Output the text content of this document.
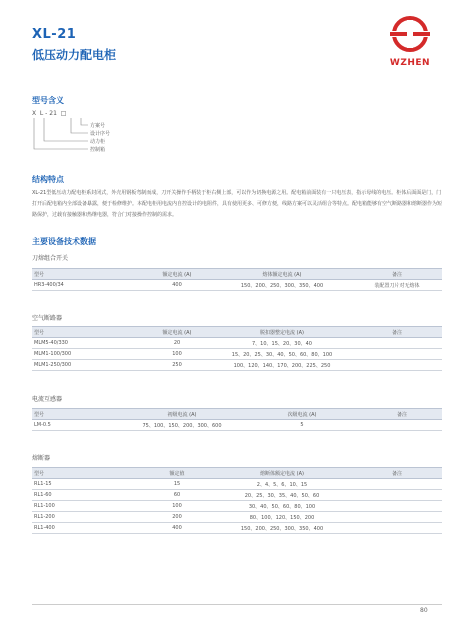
XL-21
低压动力配电柜
WZHEN
型号含义
X  L - 21  □
方案号
设计序号
动力柜
控制箱
结构特点
XL-21型低压动力配电柜系封闭式，外壳用钢板弯制而成，刀开关操作手柄装于柜右侧上部，可以作为切换电源之用。配电箱前面装有一只电压表，指示母线的电压。柜体后面面是门，门打开后配电箱内全部设备暴露，便于检修维护。本配电柜用电流内自控设计的电阻件，具有使用更多、可修方便，线路方案可以灵活组合等特点。配电箱能够有空气断路器和熔断器作为短路保护，过载有接触器和热继电器，符合门对接操作控制的需求。
主要设备技术数据
刀熔组合开关
型号	额定电流 (A)	熔体额定电流 (A)	备注
HR3-400/34	400	150、200、250、300、350、400	装配置刀片对无熔体
空气断路器
型号	额定电流 (A)	脱扣器整定电流 (A)	备注
MLM5-40/330	20	7、10、15、20、30、40	
MLM1-100/300	100	15、20、25、30、40、50、60、80、100	
MLM1-250/300	250	100、120、140、170、200、225、250	
电流互感器
型号	初级电流 (A)	次级电流 (A)	备注
LM-0.5	75、100、150、200、300、600	5	
熔断器
型号	额定值	熔断体额定电流 (A)	备注
RL1-15	15	2、4、5、6、10、15	
RL1-60	60	20、25、30、35、40、50、60	
RL1-100	100	30、40、50、60、80、100	
RL1-200	200	80、100、120、150、200	
RL1-400	400	150、200、250、300、350、400	
80
